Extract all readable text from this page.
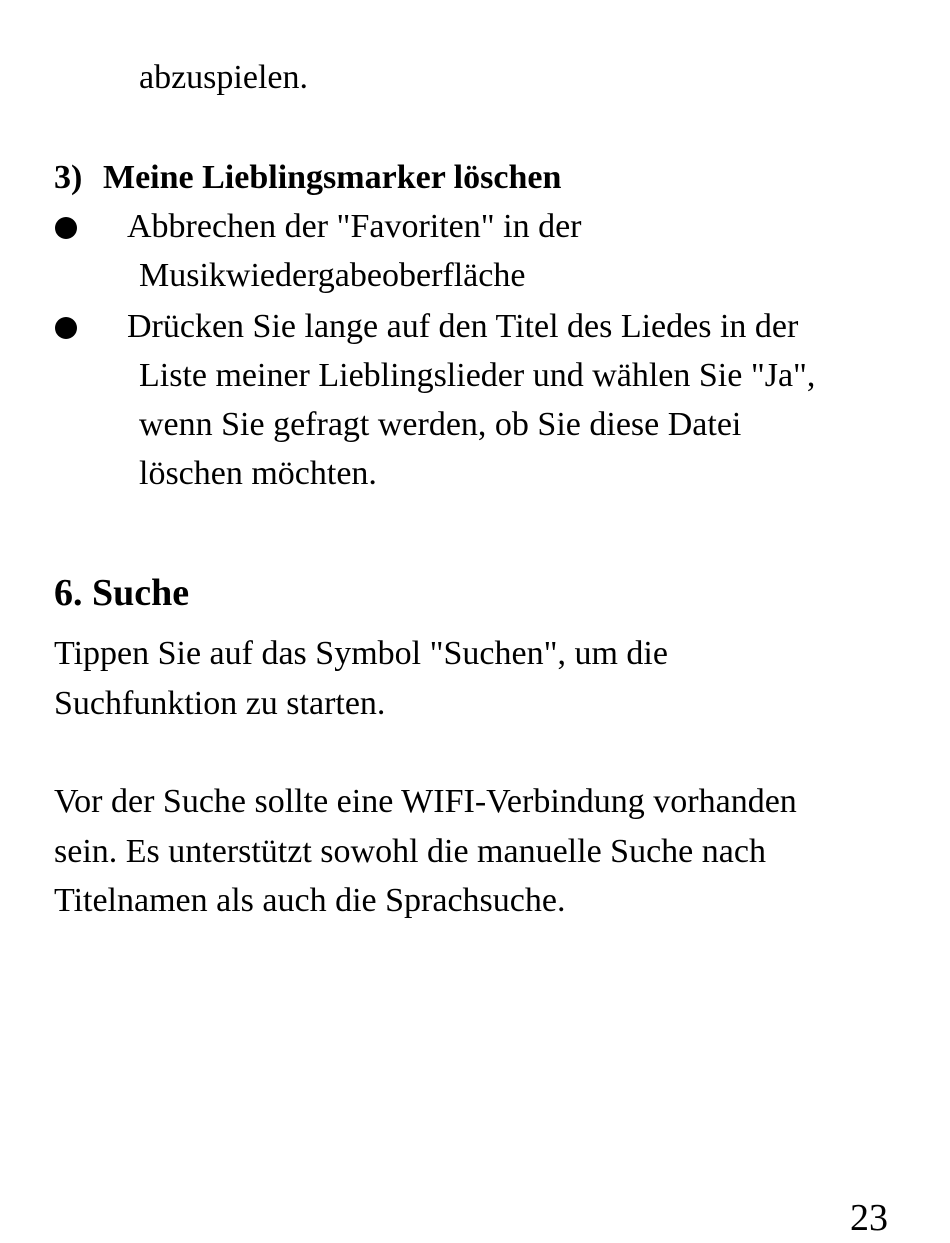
abzuspielen.
3) Meine Lieblingsmarker löschen
Abbrechen der "Favoriten" in der
Musikwiedergabeoberfläche
Drücken Sie lange auf den Titel des Liedes in der
Liste meiner Lieblingslieder und wählen Sie "Ja",
wenn Sie gefragt werden, ob Sie diese Datei
löschen möchten.
6. Suche
Tippen Sie auf das Symbol "Suchen", um die
Suchfunktion zu starten.
Vor der Suche sollte eine WIFI-Verbindung vorhanden
sein. Es unterstützt sowohl die manuelle Suche nach
Titelnamen als auch die Sprachsuche.
23
